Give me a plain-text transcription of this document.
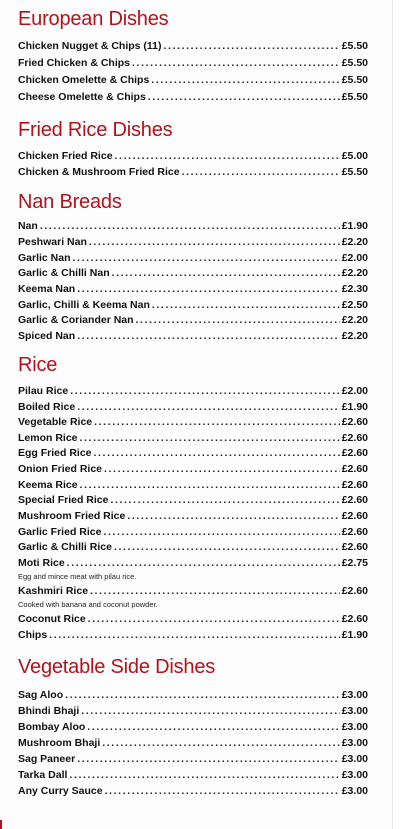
European Dishes
Chicken Nugget & Chips (11) .....	£5.50
Fried Chicken & Chips .....	£5.50
Chicken Omelette & Chips .....	£5.50
Cheese Omelette & Chips .....	£5.50
Fried Rice Dishes
Chicken Fried Rice .....	£5.00
Chicken & Mushroom Fried Rice .....	£5.50
Nan Breads
Nan .....	£1.90
Peshwari Nan .....	£2.20
Garlic Nan .....	£2.00
Garlic & Chilli Nan .....	£2.20
Keema Nan .....	£2.30
Garlic, Chilli & Keema Nan .....	£2.50
Garlic & Coriander Nan .....	£2.20
Spiced Nan .....	£2.20
Rice
Pilau Rice .....	£2.00
Boiled Rice .....	£1.90
Vegetable Rice .....	£2.60
Lemon Rice .....	£2.60
Egg Fried Rice .....	£2.60
Onion Fried Rice .....	£2.60
Keema Rice .....	£2.60
Special Fried Rice .....	£2.60
Mushroom Fried Rice .....	£2.60
Garlic Fried Rice .....	£2.60
Garlic & Chilli Rice .....	£2.60
Moti Rice .....	£2.75
Egg and mince meat with pilau rice.
Kashmiri Rice .....	£2.60
Cooked with banana and coconut powder.
Coconut Rice .....	£2.60
Chips .....	£1.90
Vegetable Side Dishes
Sag Aloo .....	£3.00
Bhindi Bhaji .....	£3.00
Bombay Aloo .....	£3.00
Mushroom Bhaji .....	£3.00
Sag Paneer .....	£3.00
Tarka Dall .....	£3.00
Any Curry Sauce .....	£3.00
